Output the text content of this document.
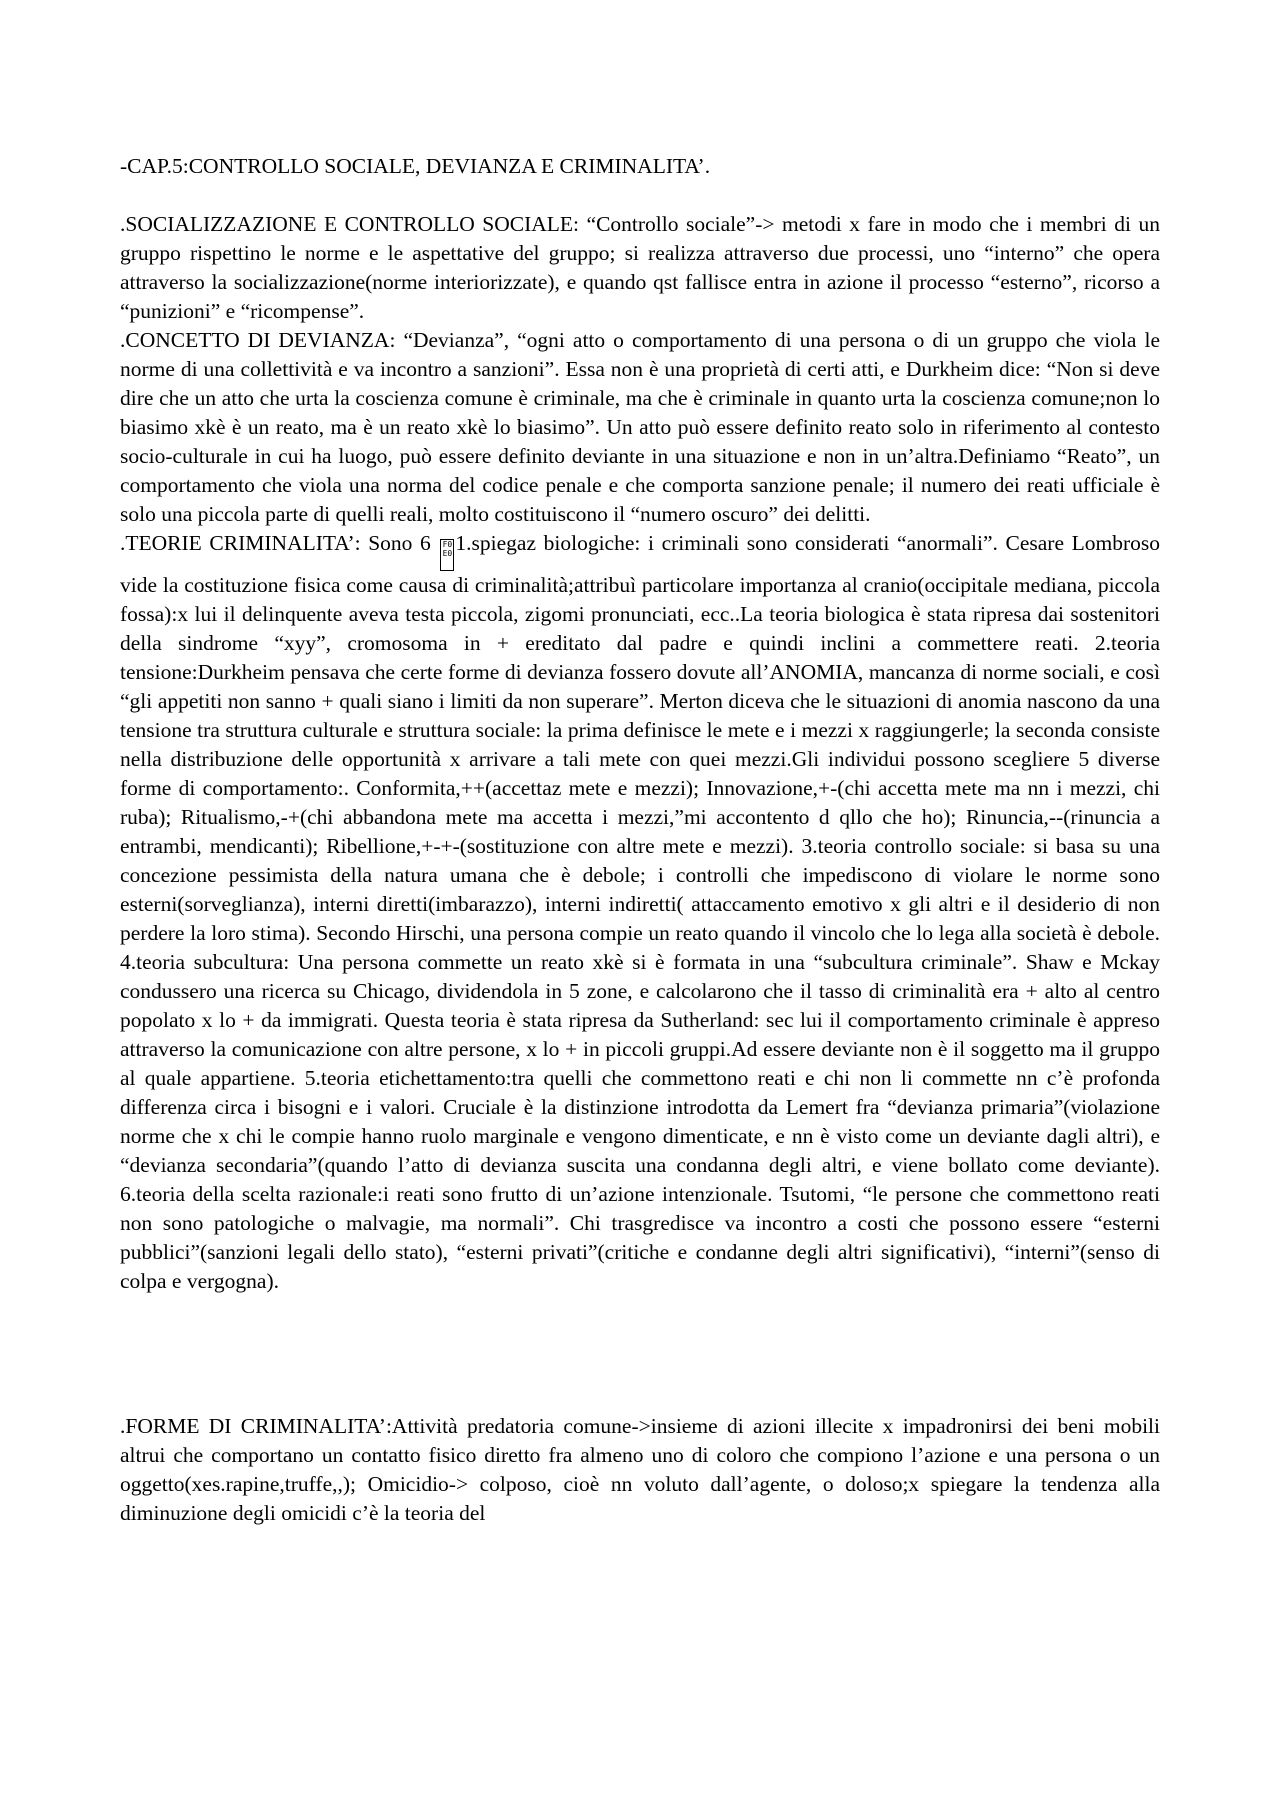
-CAP.5:CONTROLLO SOCIALE, DEVIANZA E CRIMINALITA’.

.SOCIALIZZAZIONE E CONTROLLO SOCIALE: “Controllo sociale”-> metodi x fare in modo che i membri di un gruppo rispettino le norme e le aspettative del gruppo; si realizza attraverso due processi, uno “interno” che opera attraverso la socializzazione(norme interiorizzate), e quando qst fallisce entra in azione il processo “esterno”, ricorso a “punizioni” e “ricompense”.

.CONCETTO DI DEVIANZA: “Devianza”, “ogni atto o comportamento di una persona o di un gruppo che viola le norme di una collettività e va incontro a sanzioni”. Essa non è una proprietà di certi atti, e Durkheim dice: “Non si deve dire che un atto che urta la coscienza comune è criminale, ma che è criminale in quanto urta la coscienza comune;non lo biasimo xkè è un reato, ma è un reato xkè lo biasimo”. Un atto può essere definito reato solo in riferimento al contesto socio-culturale in cui ha luogo, può essere definito deviante in una situazione e non in un’altra.Definiamo “Reato”, un comportamento che viola una norma del codice penale e che comporta sanzione penale; il numero dei reati ufficiale è solo una piccola parte di quelli reali, molto costituiscono il “numero oscuro” dei delitti.

.TEORIE CRIMINALITA’: Sono 6 F0 E0 1.spiegaz biologiche: i criminali sono considerati “anormali”. Cesare Lombroso vide la costituzione fisica come causa di criminalità;attribuì particolare importanza al cranio(occipitale mediana, piccola fossa):x lui il delinquente aveva testa piccola, zigomi pronunciati, ecc..La teoria biologica è stata ripresa dai sostenitori della sindrome “xyy”, cromosoma in + ereditato dal padre e quindi inclini a commettere reati. 2.teoria tensione:Durkheim pensava che certe forme di devianza fossero dovute all’ANOMIA, mancanza di norme sociali, e così “gli appetiti non sanno + quali siano i limiti da non superare”. Merton diceva che le situazioni di anomia nascono da una tensione tra struttura culturale e struttura sociale: la prima definisce le mete e i mezzi x raggiungerle; la seconda consiste nella distribuzione delle opportunità x arrivare a tali mete con quei mezzi.Gli individui possono scegliere 5 diverse forme di comportamento:. Conformita,++(accettaz mete e mezzi); Innovazione,+-(chi accetta mete ma nn i mezzi, chi ruba); Ritualismo,-+(chi abbandona mete ma accetta i mezzi,”mi accontento d qllo che ho); Rinuncia,--(rinuncia a entrambi, mendicanti); Ribellione,+-+-(sostituzione con altre mete e mezzi). 3.teoria controllo sociale: si basa su una concezione pessimista della natura umana che è debole; i controlli che impediscono di violare le norme sono esterni(sorveglianza), interni diretti(imbarazzo), interni indiretti( attaccamento emotivo x gli altri e il desiderio di non perdere la loro stima). Secondo Hirschi, una persona compie un reato quando il vincolo che lo lega alla società è debole. 4.teoria subcultura: Una persona commette un reato xkè si è formata in una “subcultura criminale”. Shaw e Mckay condussero una ricerca su Chicago, dividendola in 5 zone, e calcolarono che il tasso di criminalità era + alto al centro popolato x lo + da immigrati. Questa teoria è stata ripresa da Sutherland: sec lui il comportamento criminale è appreso attraverso la comunicazione con altre persone, x lo + in piccoli gruppi.Ad essere deviante non è il soggetto ma il gruppo al quale appartiene. 5.teoria etichettamento:tra quelli che commettono reati e chi non li commette nn c’è profonda differenza circa i bisogni e i valori. Cruciale è la distinzione introdotta da Lemert fra “devianza primaria”(violazione norme che x chi le compie hanno ruolo marginale e vengono dimenticate, e nn è visto come un deviante dagli altri), e “devianza secondaria”(quando l’atto di devianza suscita una condanna degli altri, e viene bollato come deviante). 6.teoria della scelta razionale:i reati sono frutto di un’azione intenzionale. Tsutomi, “le persone che commettono reati non sono patologiche o malvagie, ma normali”. Chi trasgredisce va incontro a costi che possono essere “esterni pubblici”(sanzioni legali dello stato), “esterni privati”(critiche e condanne degli altri significativi), “interni”(senso di colpa e vergogna).

.FORME DI CRIMINALITA’:Attività predatoria comune->insieme di azioni illecite x impadronirsi dei beni mobili altrui che comportano un contatto fisico diretto fra almeno uno di coloro che compiono l’azione e una persona o un oggetto(xes.rapine,truffe,,); Omicidio-> colposo, cioè nn voluto dall’agente, o doloso;x spiegare la tendenza alla diminuzione degli omicidi c’è la teoria del
